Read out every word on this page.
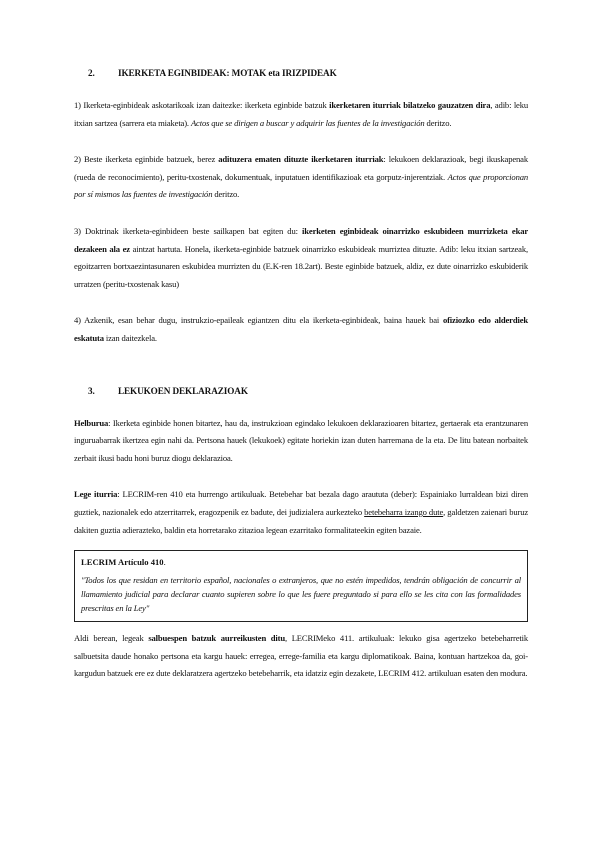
2.	IKERKETA EGINBIDEAK: MOTAK eta IRIZPIDEAK

1) Ikerketa-eginbideak askotarikoak izan daitezke: ikerketa eginbide batzuk ikerketaren iturriak bilatzeko gauzatzen dira, adib: leku itxian sartzea (sarrera eta miaketa). Actos que se dirigen a buscar y adquirir las fuentes de la investigación deritzo.

2) Beste ikerketa eginbide batzuek, berez adituzera ematen dituzte ikerketaren iturriak: lekukoen deklarazioak, begi ikuskapenak (rueda de reconocimiento), peritu-txostenak, dokumentuak, inputatuen identifikazioak eta gorputz-injerentziak. Actos que proporcionan por sí mismos las fuentes de investigación deritzo.

3) Doktrinak ikerketa-eginbideen beste sailkapen bat egiten du: ikerketen eginbideak oinarrizko eskubideen murrizketa ekar dezakeen ala ez aintzat hartuta. Honela, ikerketa-eginbide batzuek oinarrizko eskubideak murriztea dituzte. Adib: leku itxian sartzeak, egoitzarren bortxaezintasunaren eskubidea murrizten du (E.K-ren 18.2art). Beste eginbide batzuek, aldiz, ez dute oinarrizko eskubiderik urratzen (peritu-txostenak kasu)

4) Azkenik, esan behar dugu, instrukzio-epaileak egiantzen ditu ela ikerketa-eginbideak, baina hauek bai ofiziozko edo alderdiek eskatuta izan daitezkela.

3.	LEKUKOEN DEKLARAZIOAK

Helburua: Ikerketa eginbide honen bitartez, hau da, instrukzioan egindako lekukoen deklarazioaren bitartez, gertaerak eta erantzunaren inguruabarrak ikertzea egin nahi da. Pertsona hauek (lekukoek) egitate horiekin izan duten harremana de la eta. De litu batean norbaitek zerbait ikusi badu honi buruz diogu deklarazioa.

Lege iturria: LECRIM-ren 410 eta hurrengo artikuluak. Betebehar bat bezala dago araututa (deber): Espainiako lurraldean bizi diren guztiek, nazionalek edo atzerritarrek, eragozpenik ez badute, dei judizialera aurkezteko betebeharra izango dute, galdetzen zaienari buruz dakiten guztia adierazteko, baldin eta horretarako zitazioa legean ezarritako formalitateekin egiten bazaie.

LECRIM Artículo 410.
"Todos los que residan en territorio español, nacionales o extranjeros, que no estén impedidos, tendrán obligación de concurrir al llamamiento judicial para declarar cuanto supieren sobre lo que les fuere preguntado si para ello se les cita con las formalidades prescritas en la Ley"

Aldi berean, legeak salbuespen batzuk aurreikusten ditu, LECRIMeko 411. artikuluak: lekuko gisa agertzeko betebeharretik salbuetsita daude honako pertsona eta kargu hauek: erregea, errege-familia eta kargu diplomatikoak. Baina, kontuan hartzekoa da, goi-kargudun batzuek ere ez dute deklaratzera agertzeko betebeharrik, eta idatziz egin dezakete, LECRIM 412. artikuluan esaten den modura.
